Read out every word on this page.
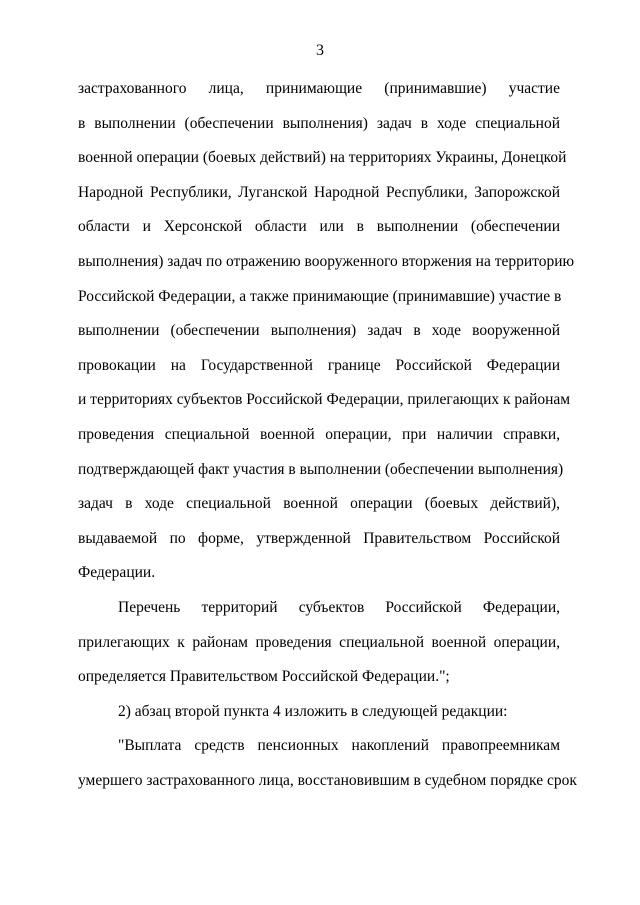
3
застрахованного лица, принимающие (принимавшие) участие
в выполнении (обеспечении выполнения) задач в ходе специальной
военной операции (боевых действий) на территориях Украины, Донецкой
Народной Республики, Луганской Народной Республики, Запорожской
области и Херсонской области или в выполнении (обеспечении
выполнения) задач по отражению вооруженного вторжения на территорию
Российской Федерации, а также принимающие (принимавшие) участие в
выполнении (обеспечении выполнения) задач в ходе вооруженной
провокации на Государственной границе Российской Федерации
и территориях субъектов Российской Федерации, прилегающих к районам
проведения специальной военной операции, при наличии справки,
подтверждающей факт участия в выполнении (обеспечении выполнения)
задач в ходе специальной военной операции (боевых действий),
выдаваемой по форме, утвержденной Правительством Российской
Федерации.
Перечень территорий субъектов Российской Федерации,
прилегающих к районам проведения специальной военной операции,
определяется Правительством Российской Федерации.";
2) абзац второй пункта 4 изложить в следующей редакции:
"Выплата средств пенсионных накоплений правопреемникам
умершего застрахованного лица, восстановившим в судебном порядке срок
